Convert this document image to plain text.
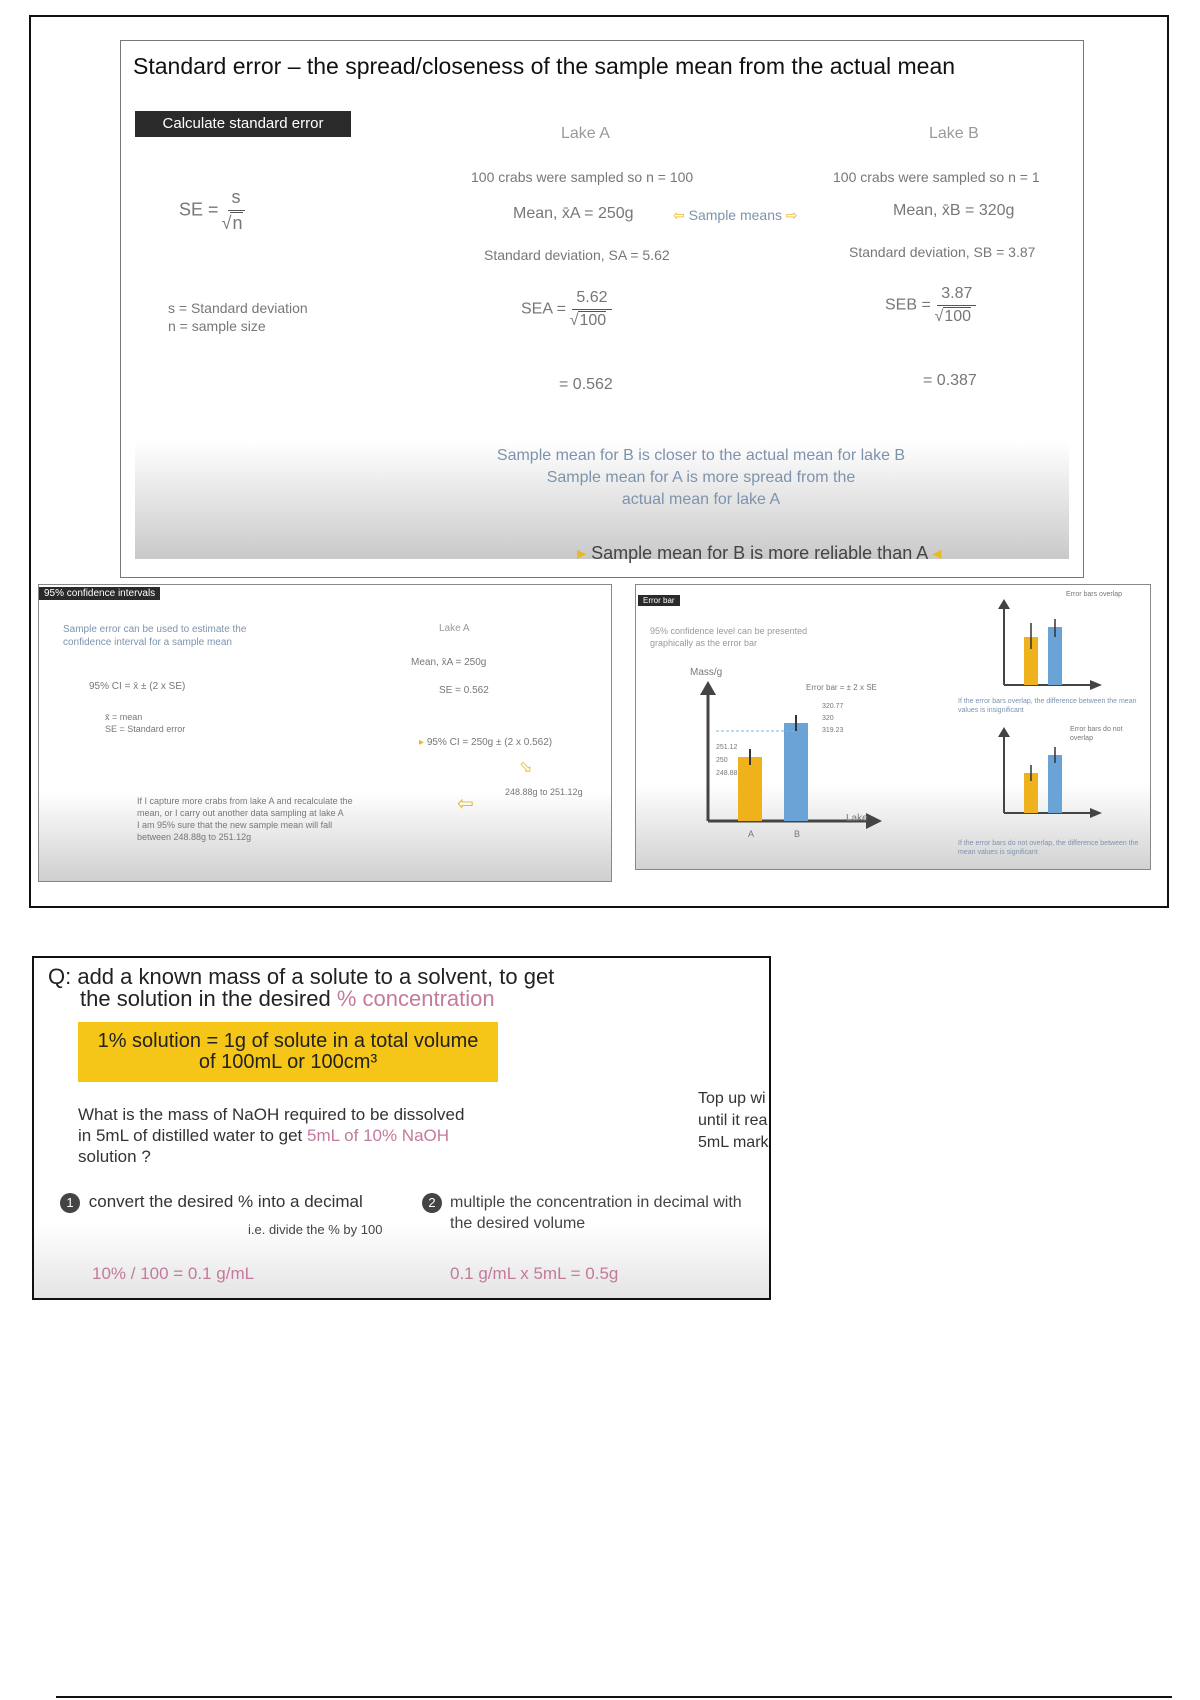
Standard error – the spread/closeness of the sample mean from the actual mean
Calculate standard error
SE = s
√ n
s = Standard deviation
n = sample size
Lake A
100 crabs were sampled so n = 100
Mean, x̄A = 250g
Standard deviation, SA = 5.62
SEA = 5.62
√ 100
= 0.562
⇦ Sample means ⇨
Lake B
100 crabs were sampled so n = 1
Mean, x̄B = 320g
Standard deviation, SB = 3.87
SEB = 3.87
√ 100
= 0.387
Sample mean for B is closer to the actual mean for lake B
Sample mean for A is more spread from the
actual mean for lake A
▸ Sample mean for B is more reliable than A ◂
95% confidence intervals
Sample error can be used to estimate the
confidence interval for a sample mean
95% CI = x̄ ± (2 x SE)
x̄ = mean
SE = Standard error
Lake A
Mean, x̄A = 250g
SE = 0.562
▸ 95% CI = 250g ± (2 x 0.562)
⬂
248.88g to 251.12g
⇦
If I capture more crabs from lake A and recalculate the
mean, or I carry out another data sampling at lake A
I am 95% sure that the new sample mean will fall
between 248.88g to 251.12g
Error bar
95% confidence level can be presented
graphically as the error bar
Mass/g
Lake
A	B
251.12
250
248.88
320.77
320
319.23
Error bar = ± 2 x SE
Error bars overlap
If the error bars overlap, the difference between the mean values is insignificant
Error bars do not overlap
If the error bars do not overlap, the difference between the mean values is significant
Q: add a known mass of a solute to a solvent, to get
the solution in the desired % concentration
1% solution = 1g of solute in a total volume
of 100mL or 100cm³
What is the mass of NaOH required to be dissolved
in 5mL of distilled water to get 5mL of 10% NaOH
solution ?
Top up wi
until it rea
5mL mark
1 convert the desired % into a decimal
i.e. divide the % by 100
2 multiple the concentration in decimal with
the desired volume
10% / 100 = 0.1 g/mL	0.1 g/mL x 5mL = 0.5g
